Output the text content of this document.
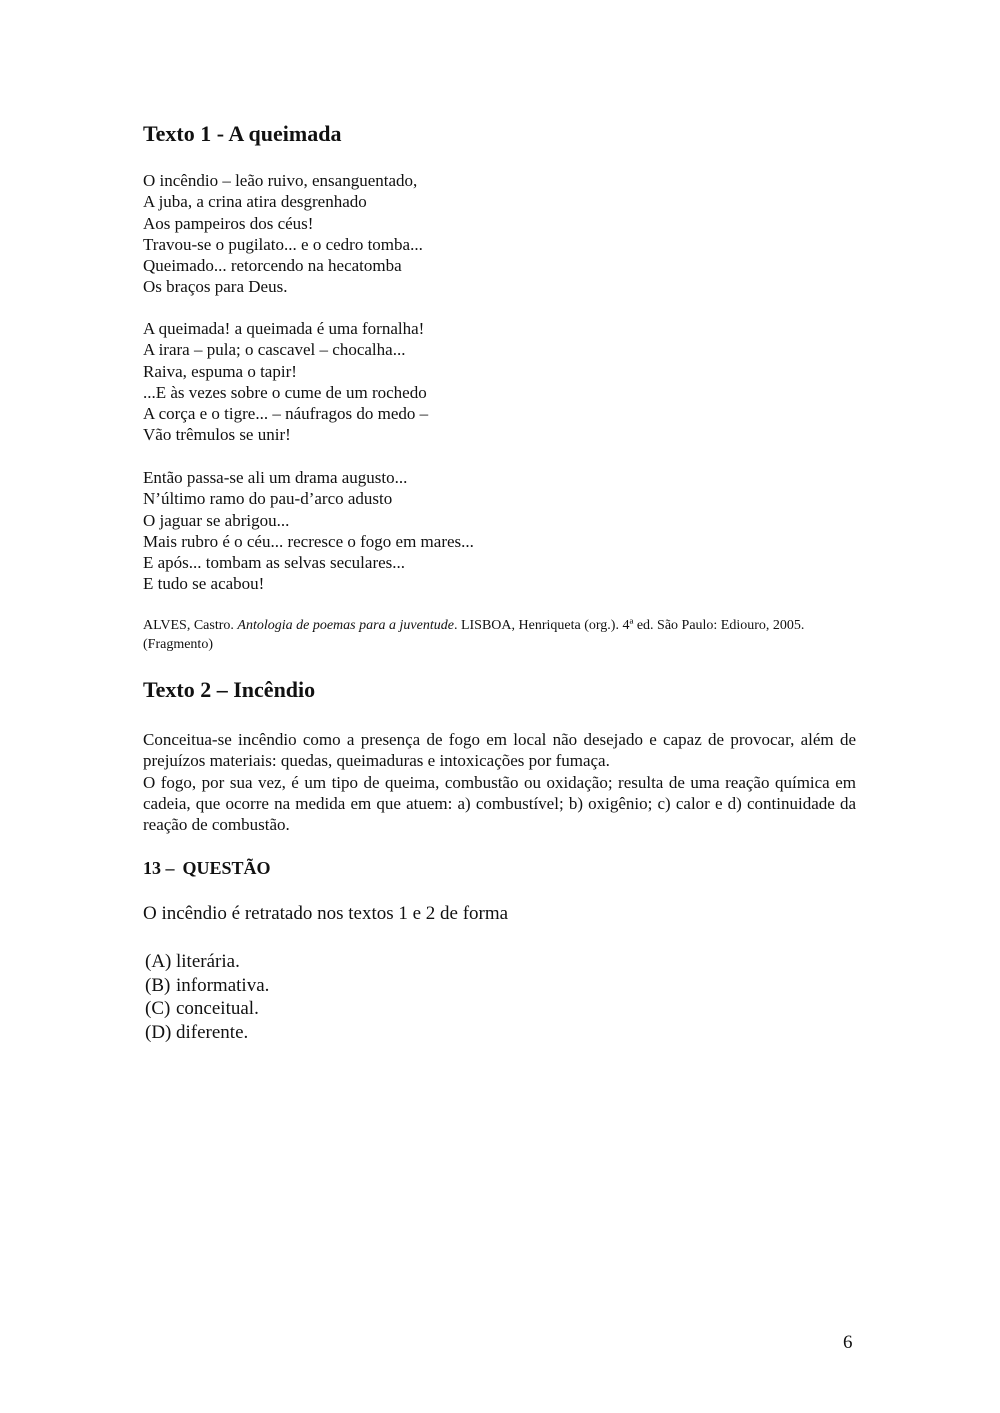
Texto 1 - A queimada
O incêndio – leão ruivo, ensanguentado,
A juba, a crina atira desgrenhado
Aos pampeiros dos céus!
Travou-se o pugilato... e o cedro tomba...
Queimado... retorcendo na hecatomba
Os braços para Deus.
A queimada! a queimada é uma fornalha!
A irara – pula; o cascavel – chocalha...
Raiva, espuma o tapir!
...E às vezes sobre o cume de um rochedo
A corça e o tigre... – náufragos do medo –
Vão trêmulos se unir!
Então passa-se ali um drama augusto...
N’último ramo do pau-d’arco adusto
O jaguar se abrigou...
Mais rubro é o céu... recresce o fogo em mares...
E após... tombam as selvas seculares...
E tudo se acabou!

ALVES, Castro. Antologia de poemas para a juventude. LISBOA, Henriqueta (org.). 4ª ed. São Paulo: Ediouro, 2005. (Fragmento)

Texto 2 – Incêndio

Conceitua-se incêndio como a presença de fogo em local não desejado e capaz de provocar, além de prejuízos materiais: quedas, queimaduras e intoxicações por fumaça.

O fogo, por sua vez, é um tipo de queima, combustão ou oxidação; resulta de uma reação química em cadeia, que ocorre na medida em que atuem: a) combustível; b) oxigênio; c) calor e d) continuidade da reação de combustão.

13 – QUESTÃO

O incêndio é retratado nos textos 1 e 2 de forma

(A) literária.
(B) informativa.
(C) conceitual.
(D) diferente.

6
